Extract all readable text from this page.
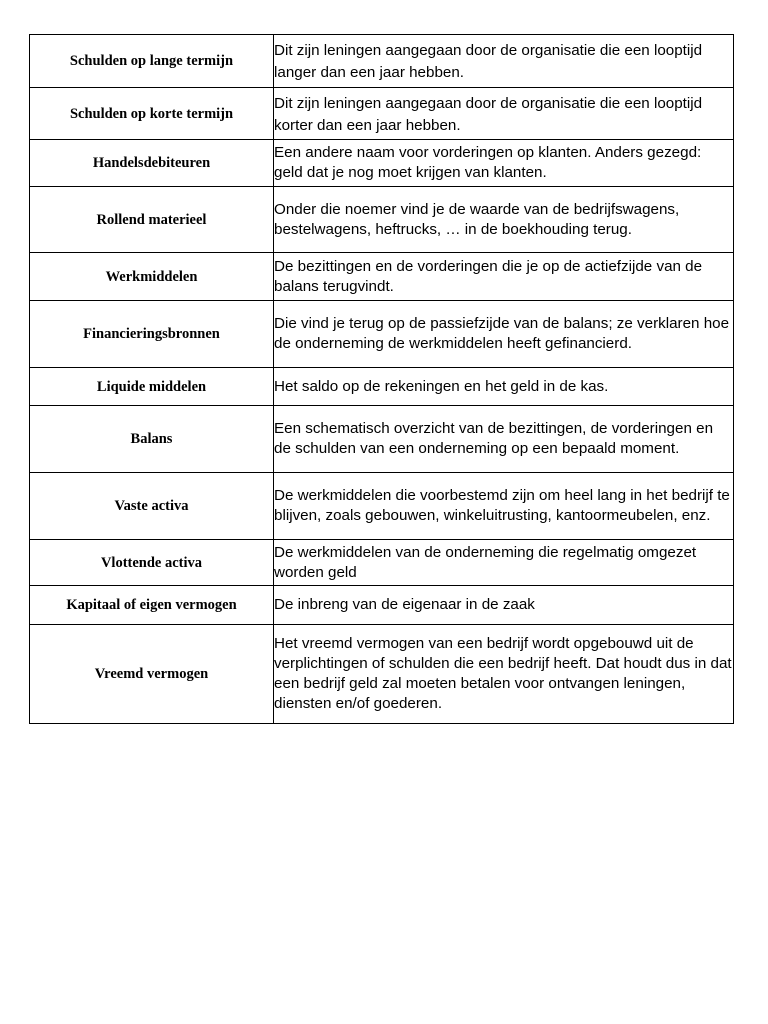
Schulden op lange termijn	Dit zijn leningen aangegaan door de organisatie die een looptijd langer dan een jaar hebben.
Schulden op korte termijn	Dit zijn leningen aangegaan door de organisatie die een looptijd korter dan een jaar hebben.
Handelsdebiteuren	Een andere naam voor vorderingen op klanten. Anders gezegd: geld dat je nog moet krijgen van klanten.
Rollend materieel	Onder die noemer vind je de waarde van de bedrijfswagens, bestelwagens, heftrucks, … in de boekhouding terug.
Werkmiddelen	De bezittingen en de vorderingen die je op de actiefzijde van de balans terugvindt.
Financieringsbronnen	Die vind je terug op de passiefzijde van de balans; ze verklaren hoe de onderneming de werkmiddelen heeft gefinancierd.
Liquide middelen	Het saldo op de rekeningen en het geld in de kas.
Balans	Een schematisch overzicht van de bezittingen, de vorderingen en de schulden van een onderneming op een bepaald moment.
Vaste activa	De werkmiddelen die voorbestemd zijn om heel lang in het bedrijf te blijven, zoals gebouwen, winkeluitrusting, kantoormeubelen, enz.
Vlottende activa	De werkmiddelen van de onderneming die regelmatig omgezet worden geld
Kapitaal of eigen vermogen	De inbreng van de eigenaar in de zaak
Vreemd vermogen	Het vreemd vermogen van een bedrijf wordt opgebouwd uit de verplichtingen of schulden die een bedrijf heeft. Dat houdt dus in dat een bedrijf geld zal moeten betalen voor ontvangen leningen, diensten en/of goederen.
